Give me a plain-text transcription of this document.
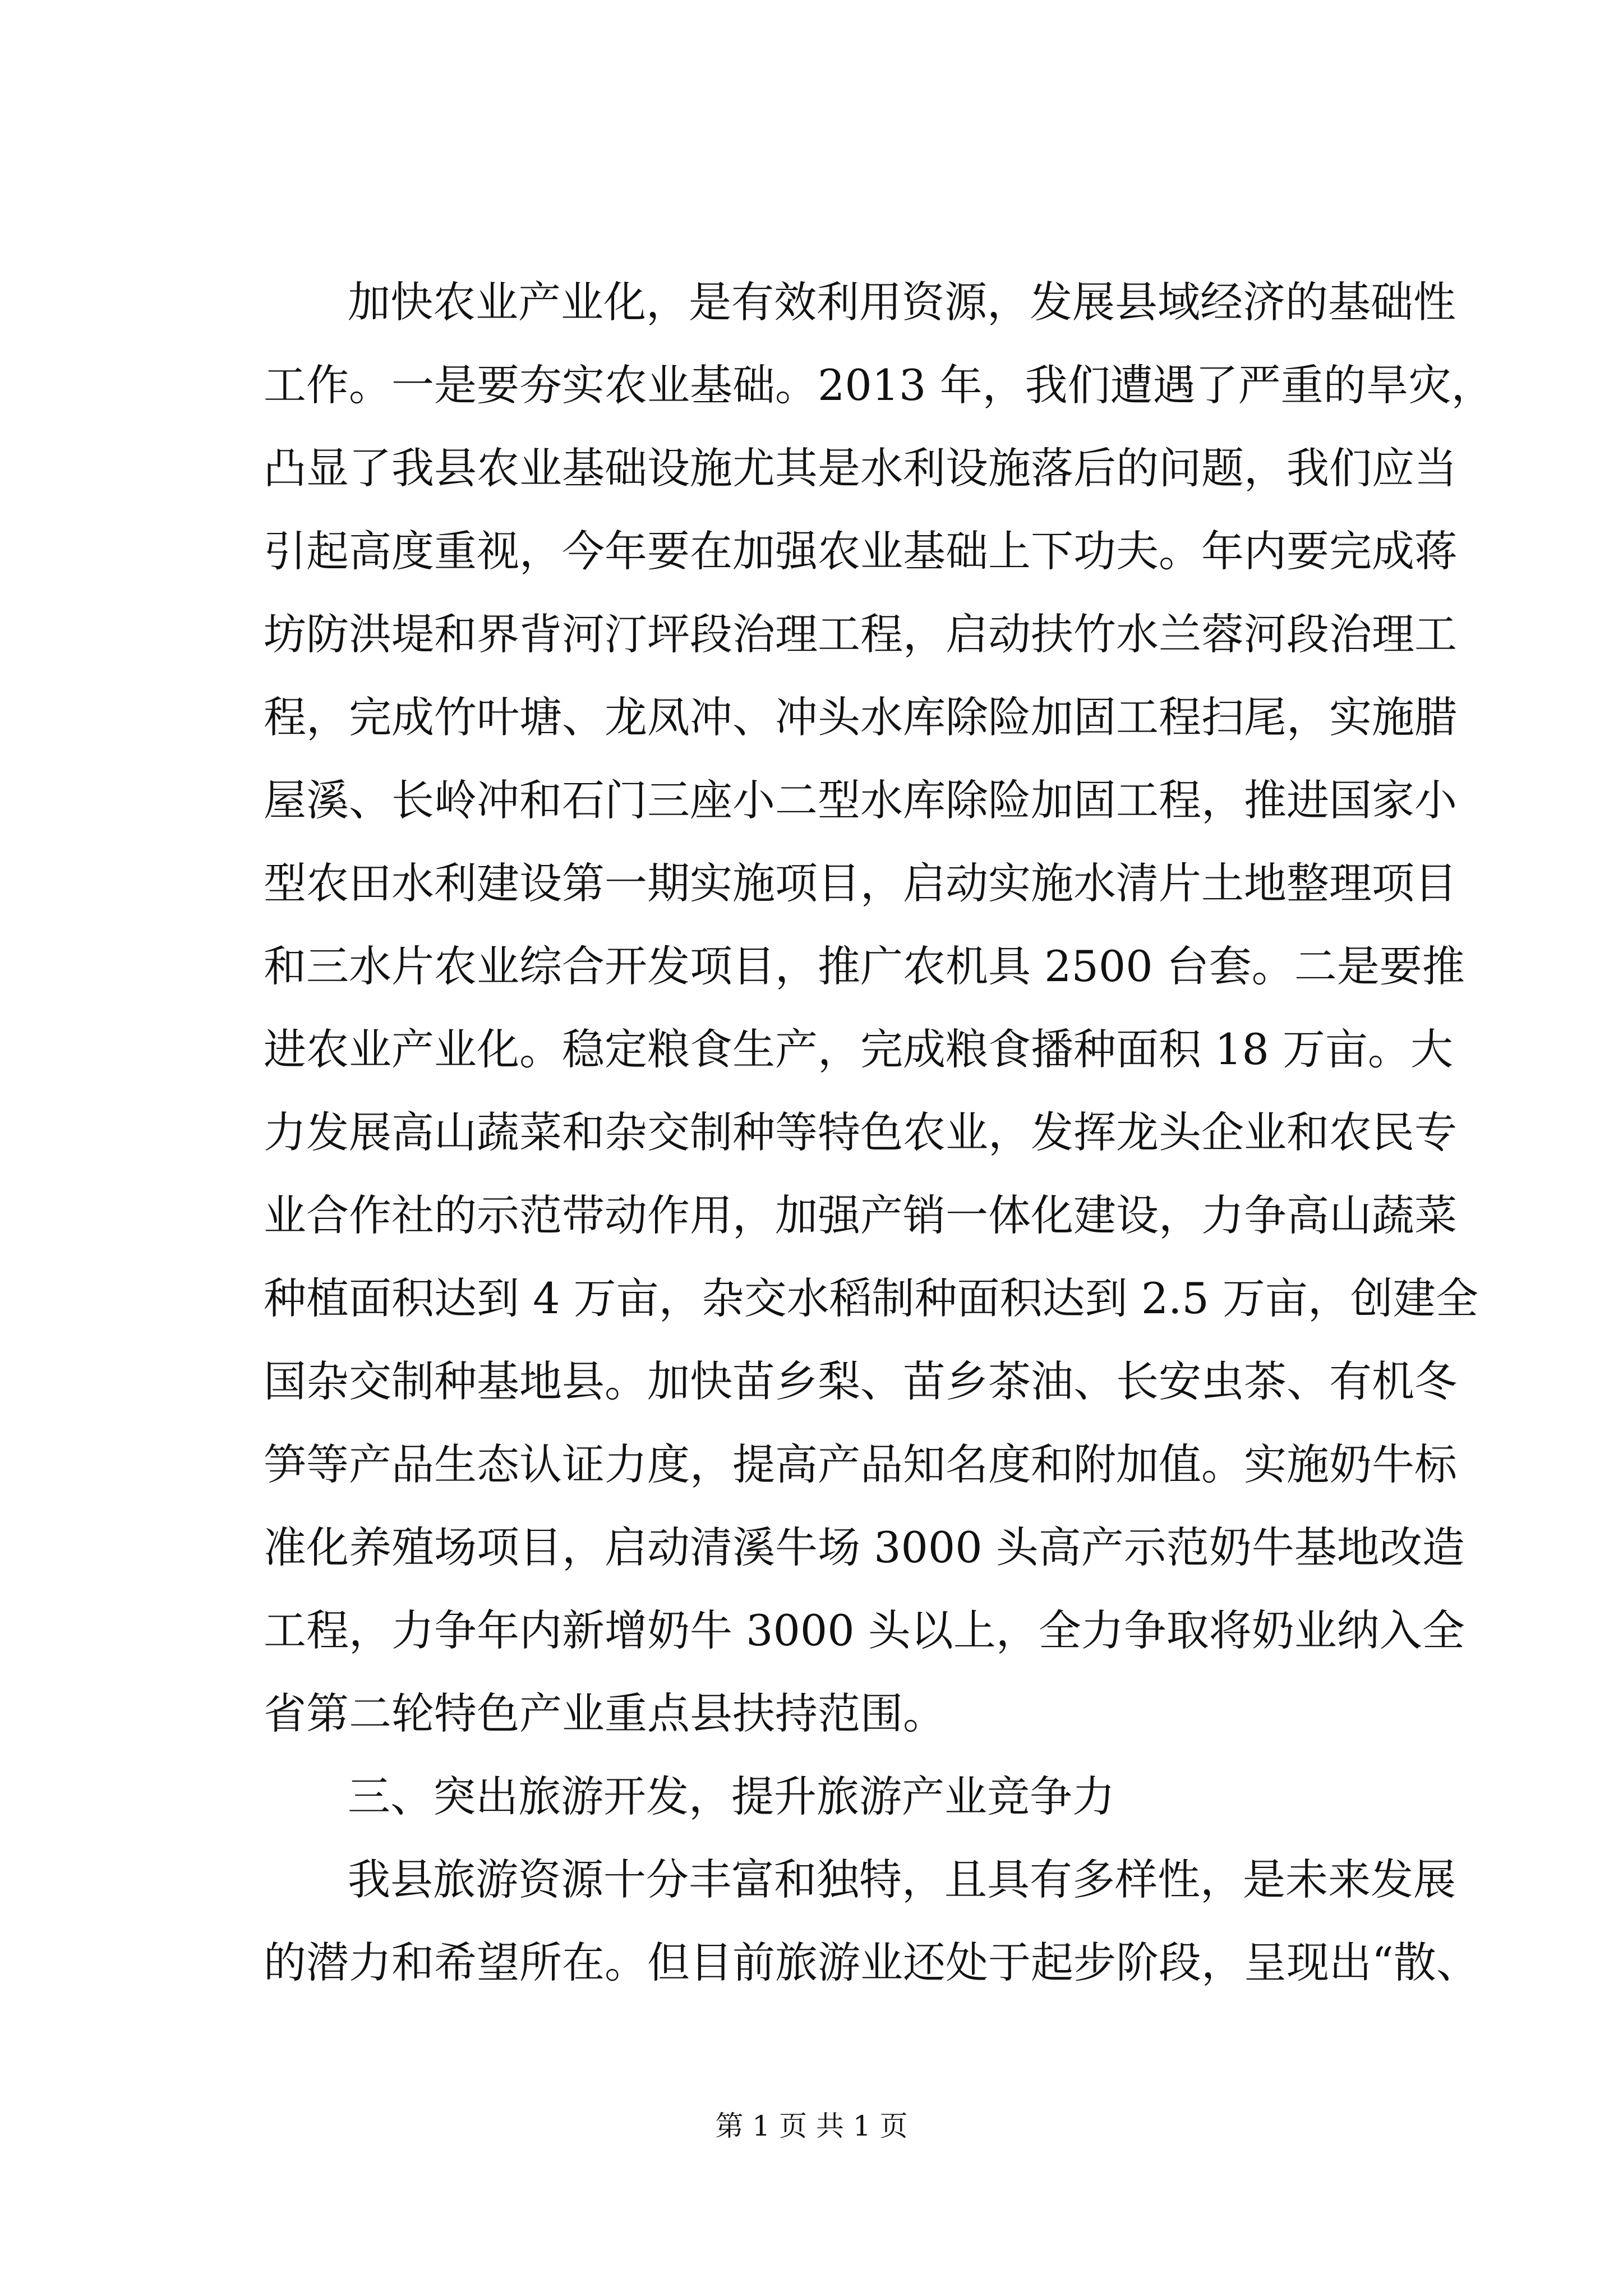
加快农业产业化，是有效利用资源，发展县域经济的基础性
工作。一是要夯实农业基础。2013 年，我们遭遇了严重的旱灾，
凸显了我县农业基础设施尤其是水利设施落后的问题，我们应当
引起高度重视，今年要在加强农业基础上下功夫。年内要完成蒋
坊防洪堤和界背河汀坪段治理工程，启动扶竹水兰蓉河段治理工
程，完成竹叶塘、龙凤冲、冲头水库除险加固工程扫尾，实施腊
屋溪、长岭冲和石门三座小二型水库除险加固工程，推进国家小
型农田水利建设第一期实施项目，启动实施水清片土地整理项目
和三水片农业综合开发项目，推广农机具 2500 台套。二是要推
进农业产业化。稳定粮食生产，完成粮食播种面积 18 万亩。大
力发展高山蔬菜和杂交制种等特色农业，发挥龙头企业和农民专
业合作社的示范带动作用，加强产销一体化建设，力争高山蔬菜
种植面积达到 4 万亩，杂交水稻制种面积达到 2.5 万亩，创建全
国杂交制种基地县。加快苗乡梨、苗乡茶油、长安虫茶、有机冬
笋等产品生态认证力度，提高产品知名度和附加值。实施奶牛标
准化养殖场项目，启动清溪牛场 3000 头高产示范奶牛基地改造
工程，力争年内新增奶牛 3000 头以上，全力争取将奶业纳入全
省第二轮特色产业重点县扶持范围。
三、突出旅游开发，提升旅游产业竞争力
我县旅游资源十分丰富和独特，且具有多样性，是未来发展
的潜力和希望所在。但目前旅游业还处于起步阶段，呈现出“散、
第 1 页 共 1 页
